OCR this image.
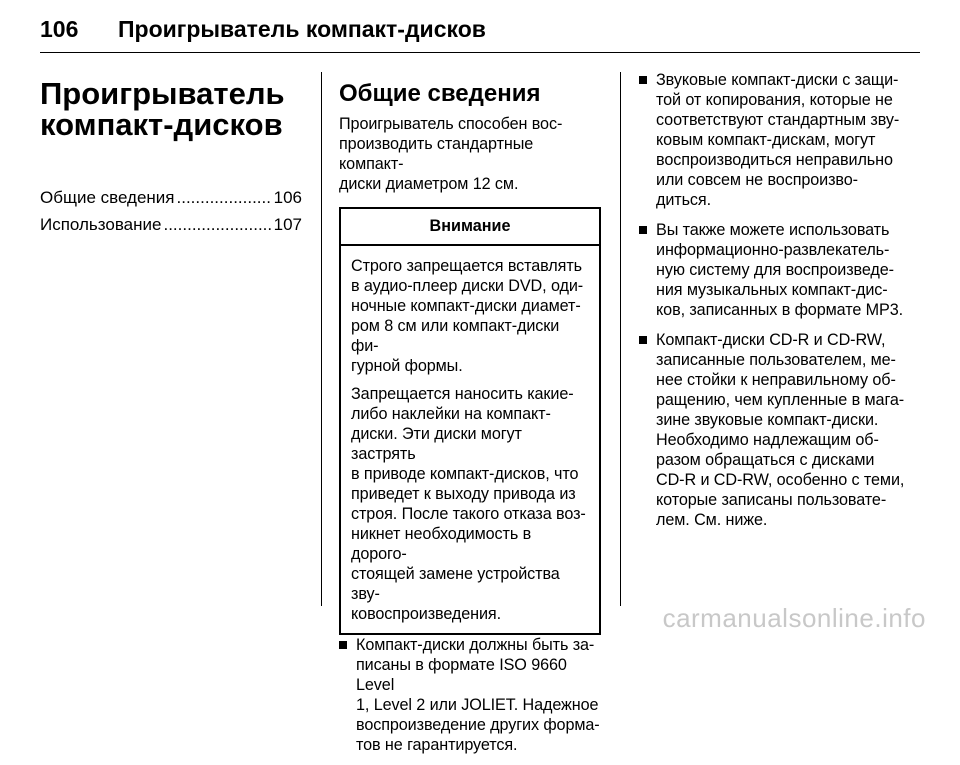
106 Проигрыватель компакт-дисков
Проигрыватель
компакт-дисков
Общие сведения .....	106
Использование .....	107
Общие сведения

Проигрыватель способен вос-
производить стандартные компакт-
диски диаметром 12 см.

Внимание

Строго запрещается вставлять
в аудио-плеер диски DVD, оди-
ночные компакт-диски диамет-
ром 8 см или компакт-диски фи-
гурной формы.

Запрещается наносить какие-
либо наклейки на компакт-
диски. Эти диски могут застрять
в приводе компакт-дисков, что
приведет к выходу привода из
строя. После такого отказа воз-
никнет необходимость в дорого-
стоящей замене устройства зву-
ковоспроизведения.

Компакт-диски должны быть за-
писаны в формате ISO 9660 Level
1, Level 2 или JOLIET. Надежное
воспроизведение других форма-
тов не гарантируется.
Звуковые компакт-диски с защи-
той от копирования, которые не
соответствуют стандартным зву-
ковым компакт-дискам, могут
воспроизводиться неправильно
или совсем не воспроизво-
диться.
Вы также можете использовать
информационно-развлекатель-
ную систему для воспроизведе-
ния музыкальных компакт-дис-
ков, записанных в формате MP3.
Компакт-диски CD-R и CD-RW,
записанные пользователем, ме-
нее стойки к неправильному об-
ращению, чем купленные в мага-
зине звуковые компакт-диски.
Необходимо надлежащим об-
разом обращаться с дисками
CD-R и CD-RW, особенно с теми,
которые записаны пользовате-
лем. См. ниже.
carmanualsonline.info
